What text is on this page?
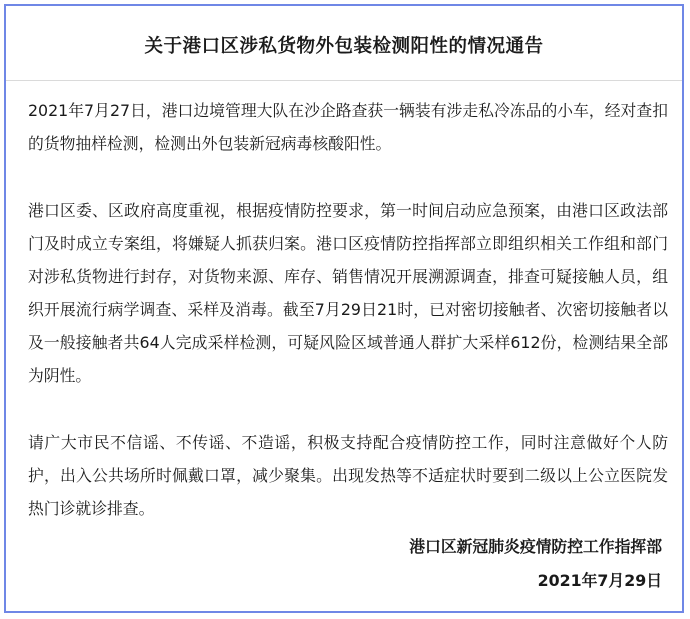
关于港口区涉私货物外包装检测阳性的情况通告

2021年7月27日，港口边境管理大队在沙企路查获一辆装有涉走私冷冻品的小车，经对查扣的货物抽样检测，检测出外包装新冠病毒核酸阳性。

港口区委、区政府高度重视，根据疫情防控要求，第一时间启动应急预案，由港口区政法部门及时成立专案组，将嫌疑人抓获归案。港口区疫情防控指挥部立即组织相关工作组和部门对涉私货物进行封存，对货物来源、库存、销售情况开展溯源调查，排查可疑接触人员，组织开展流行病学调查、采样及消毒。截至7月29日21时，已对密切接触者、次密切接触者以及一般接触者共64人完成采样检测，可疑风险区域普通人群扩大采样612份，检测结果全部为阴性。

请广大市民不信谣、不传谣、不造谣，积极支持配合疫情防控工作，同时注意做好个人防护，出入公共场所时佩戴口罩，减少聚集。出现发热等不适症状时要到二级以上公立医院发热门诊就诊排查。

港口区新冠肺炎疫情防控工作指挥部
2021年7月29日
